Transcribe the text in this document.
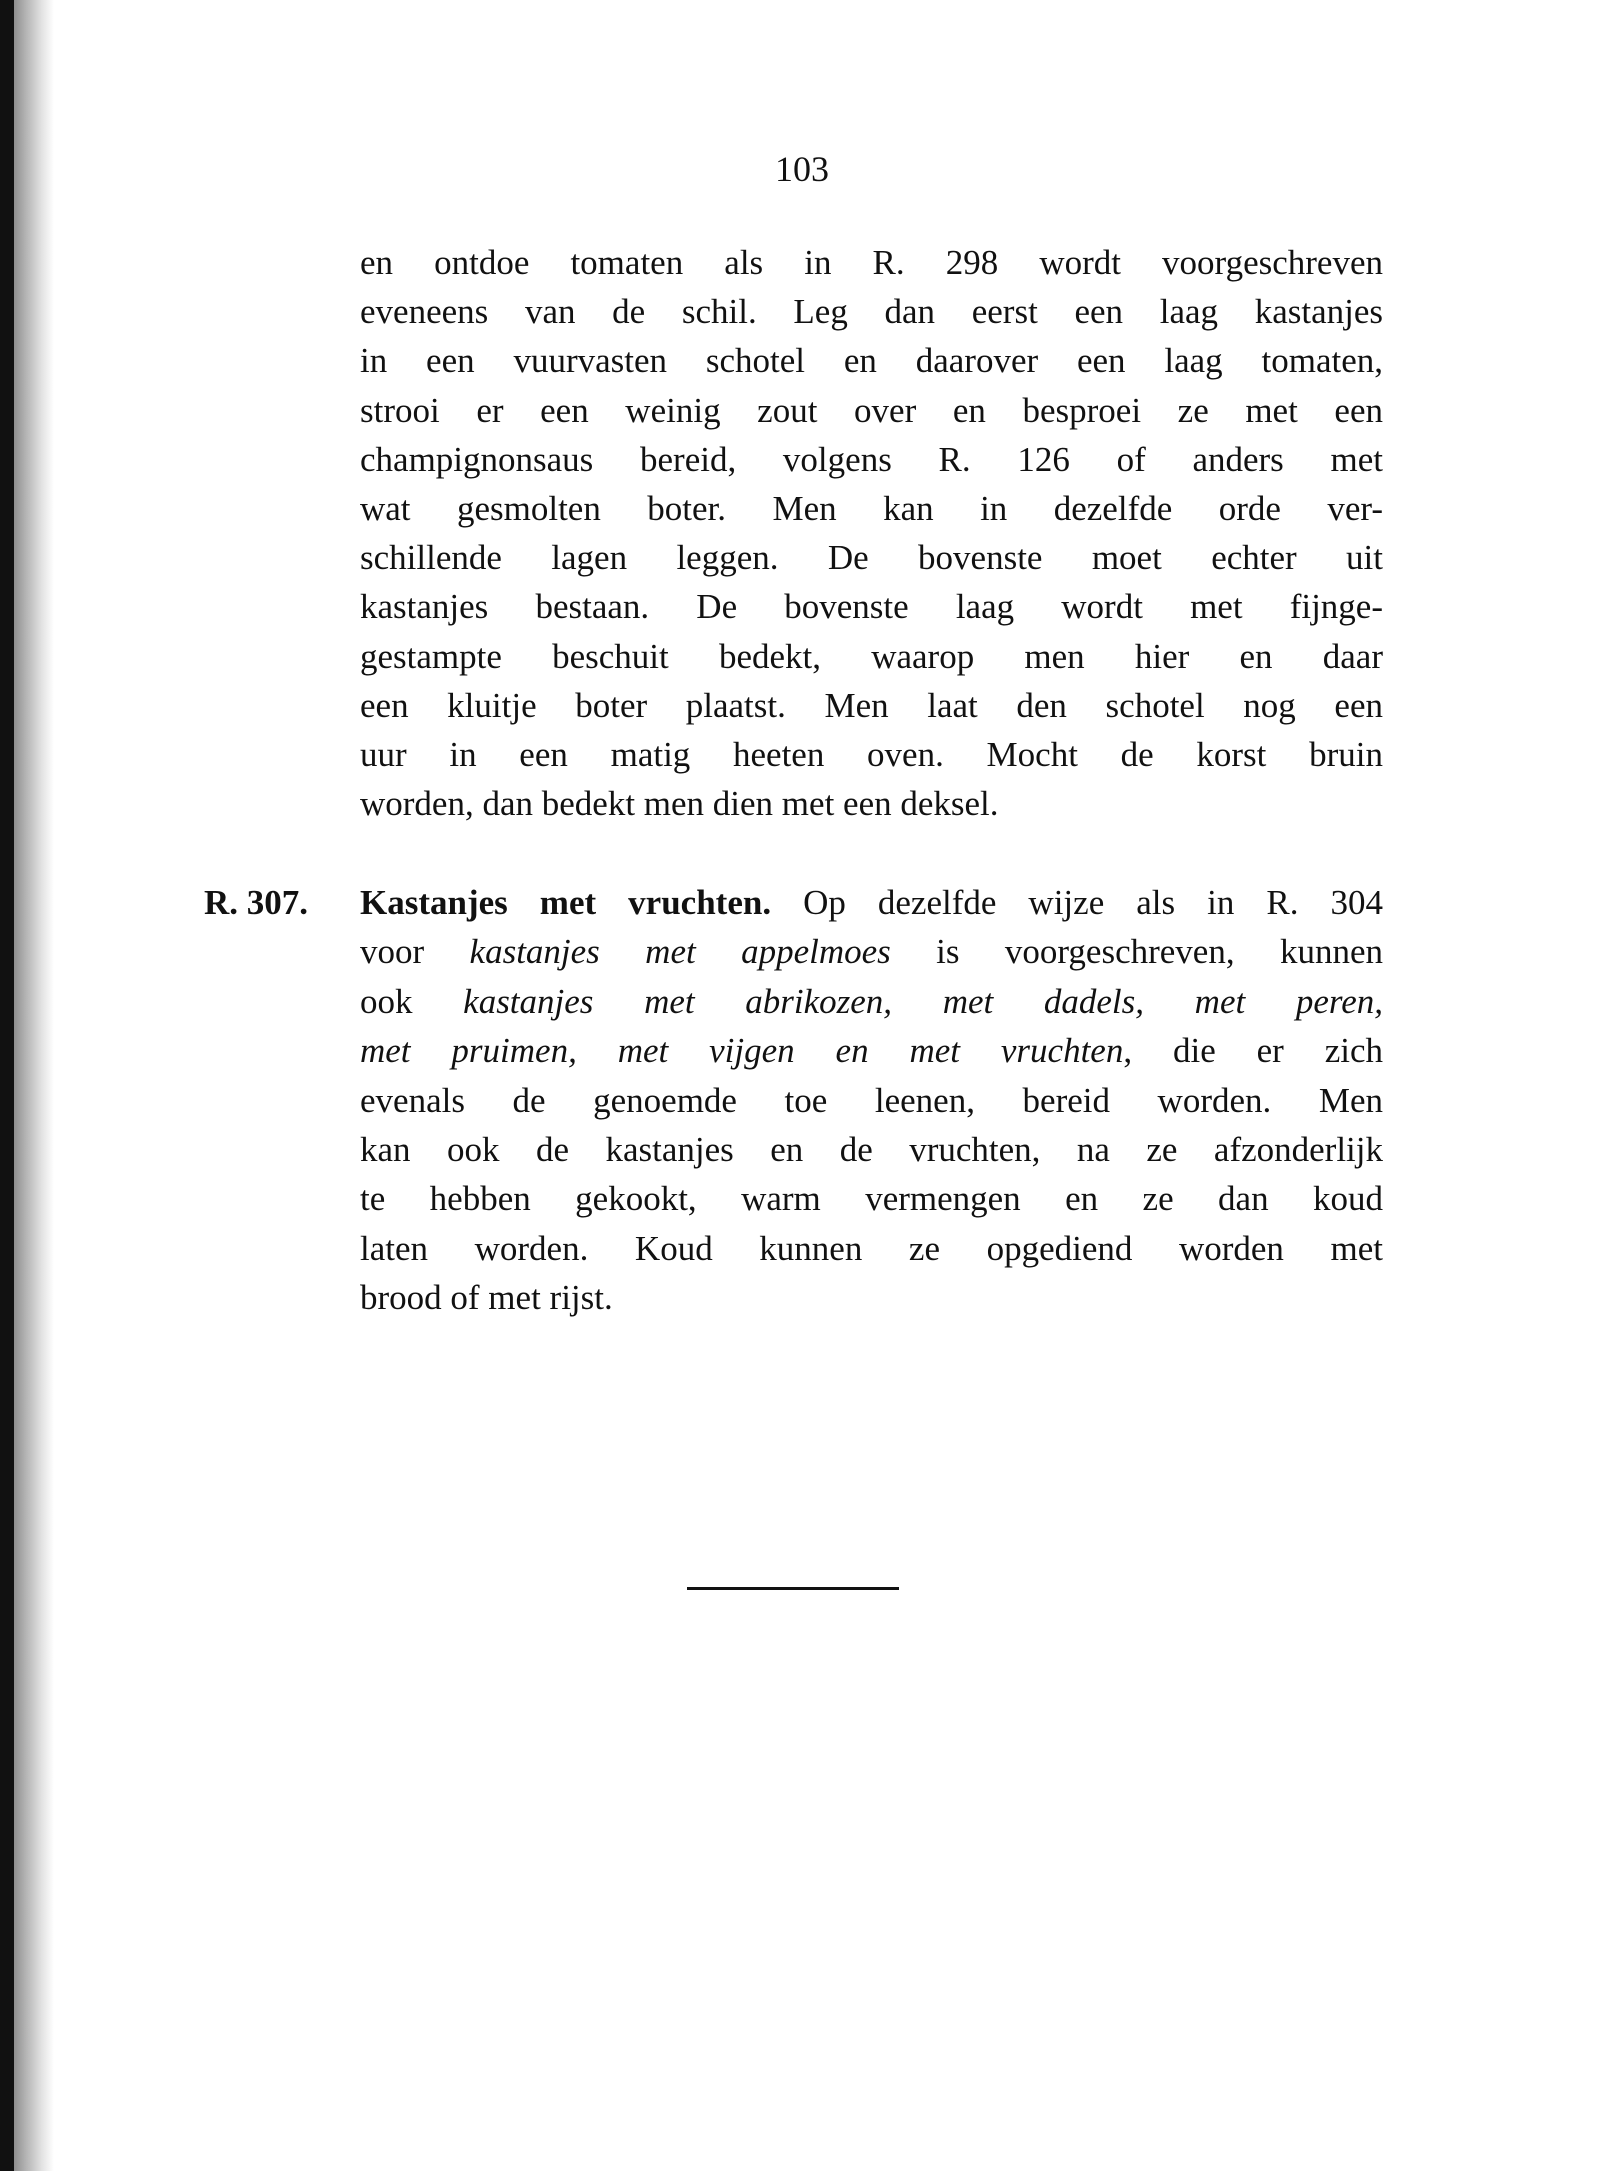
103
en ontdoe tomaten als in R. 298 wordt voorgeschreven
eveneens van de schil. Leg dan eerst een laag kastanjes
in een vuurvasten schotel en daarover een laag tomaten,
strooi er een weinig zout over en besproei ze met een
champignonsaus bereid, volgens R. 126 of anders met
wat gesmolten boter. Men kan in dezelfde orde ver-
schillende lagen leggen. De bovenste moet echter uit
kastanjes bestaan. De bovenste laag wordt met fijnge-
gestampte beschuit bedekt, waarop men hier en daar
een kluitje boter plaatst. Men laat den schotel nog een
uur in een matig heeten oven. Mocht de korst bruin
worden, dan bedekt men dien met een deksel.
R. 307. Kastanjes met vruchten. Op dezelfde wijze als in R. 304
voor kastanjes met appelmoes is voorgeschreven, kunnen
ook kastanjes met abrikozen, met dadels, met peren,
met pruimen, met vijgen en met vruchten, die er zich
evenals de genoemde toe leenen, bereid worden. Men
kan ook de kastanjes en de vruchten, na ze afzonderlijk
te hebben gekookt, warm vermengen en ze dan koud
laten worden. Koud kunnen ze opgediend worden met
brood of met rijst.
